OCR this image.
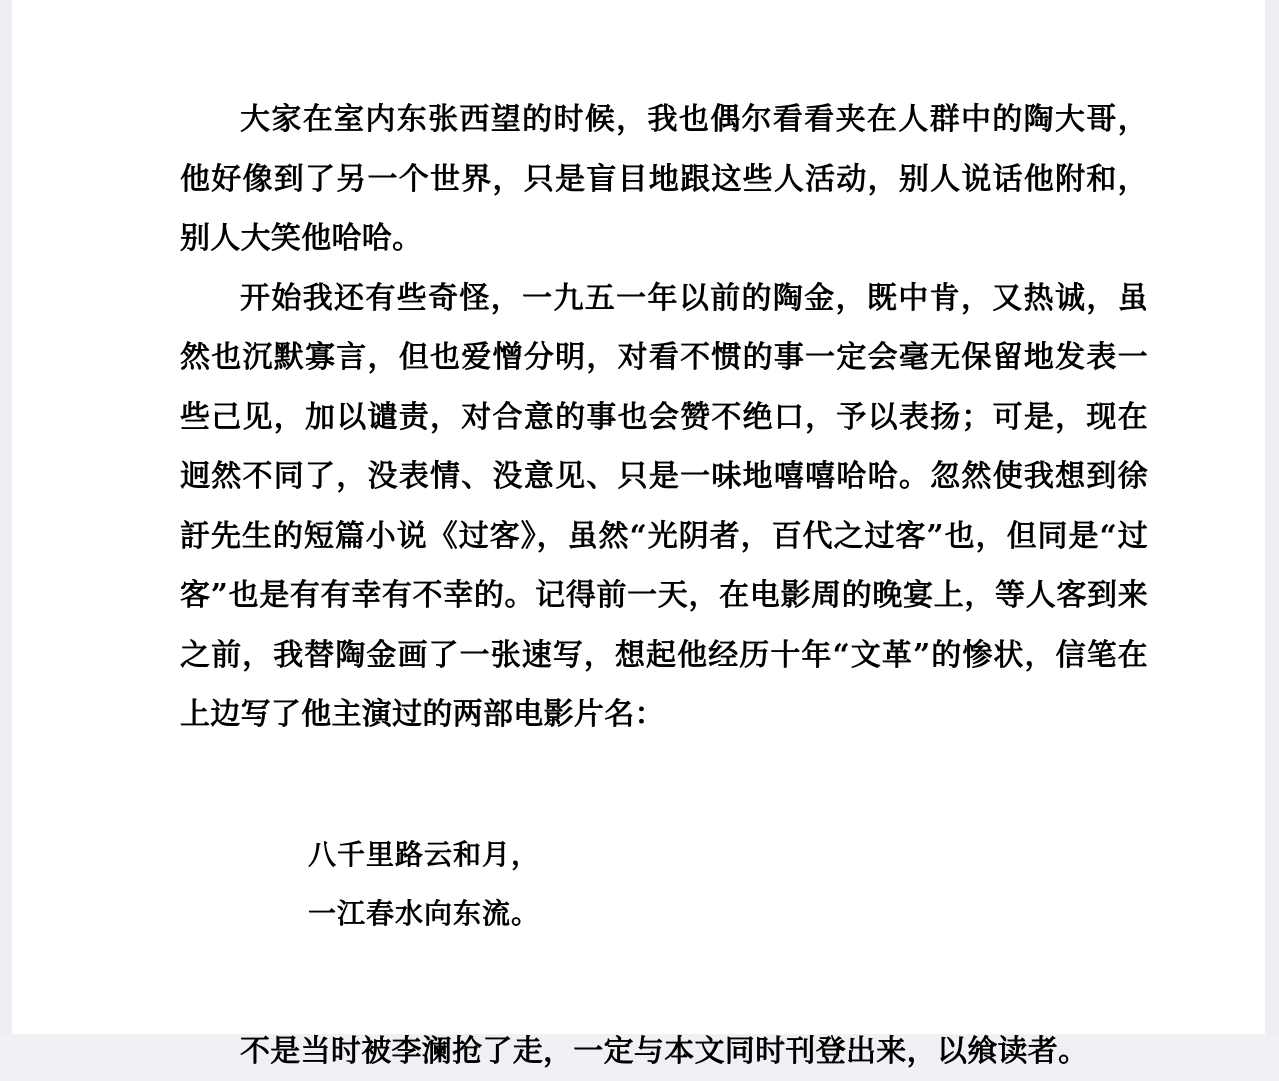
大家在室内东张西望的时候，我也偶尔看看夹在人群中的陶大哥，他好像到了另一个世界，只是盲目地跟这些人活动，别人说话他附和，别人大笑他哈哈。

开始我还有些奇怪，一九五一年以前的陶金，既中肯，又热诚，虽然也沉默寡言，但也爱憎分明，对看不惯的事一定会毫无保留地发表一些己见，加以谴责，对合意的事也会赞不绝口，予以表扬；可是，现在迥然不同了，没表情、没意见、只是一味地嘻嘻哈哈。忽然使我想到徐訏先生的短篇小说《过客》，虽然“光阴者，百代之过客”也，但同是“过客”也是有有幸有不幸的。记得前一天，在电影周的晚宴上，等人客到来之前，我替陶金画了一张速写，想起他经历十年“文革”的惨状，信笔在上边写了他主演过的两部电影片名：

八千里路云和月，
一江春水向东流。

不是当时被李澜抢了走，一定与本文同时刊登出来，以飨读者。
